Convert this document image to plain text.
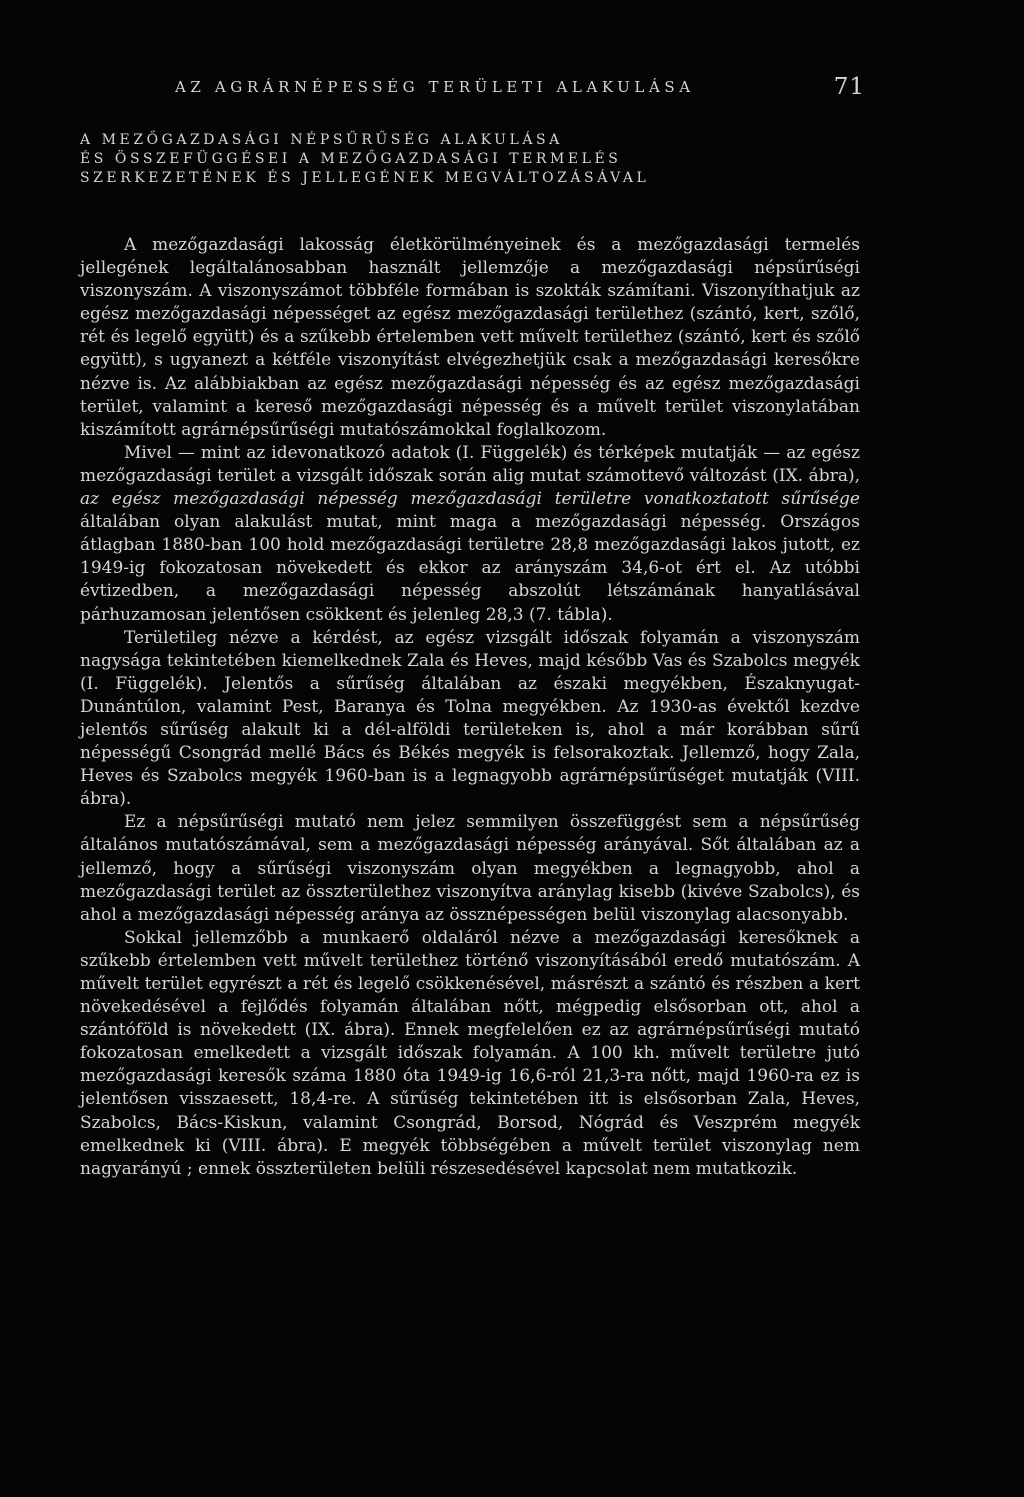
AZ AGRÁRNÉPESSÉG TERÜLETI ALAKULÁSA	71
A MEZŐGAZDASÁGI NÉPSŰRŰSÉG ALAKULÁSA
ÉS ÖSSZEFÜGGÉSEI A MEZŐGAZDASÁGI TERMELÉS
SZERKEZETÉNEK ÉS JELLEGÉNEK MEGVÁLTOZÁSÁVAL

A mezőgazdasági lakosság életkörülményeinek és a mezőgazdasági termelés jellegének legáltalánosabban használt jellemzője a mezőgazdasági népsűrűségi viszonyszám. A viszonyszámot többféle formában is szokták számítani. Viszonyíthatjuk az egész mezőgazdasági népességet az egész mezőgazdasági területhez (szántó, kert, szőlő, rét és legelő együtt) és a szűkebb értelemben vett művelt területhez (szántó, kert és szőlő együtt), s ugyanezt a kétféle viszonyítást elvégezhetjük csak a mezőgazdasági keresőkre nézve is. Az alábbiakban az egész mezőgazdasági népesség és az egész mezőgazdasági terület, valamint a kereső mezőgazdasági népesség és a művelt terület viszonylatában kiszámított agrárnépsűrűségi mutatószámokkal foglalkozom.

Mivel — mint az idevonatkozó adatok (I. Függelék) és térképek mutatják — az egész mezőgazdasági terület a vizsgált időszak során alig mutat számottevő változást (IX. ábra), az egész mezőgazdasági népesség mezőgazdasági területre vonatkoztatott sűrűsége általában olyan alakulást mutat, mint maga a mezőgazdasági népesség. Országos átlagban 1880-ban 100 hold mezőgazdasági területre 28,8 mezőgazdasági lakos jutott, ez 1949-ig fokozatosan növekedett és ekkor az arányszám 34,6-ot ért el. Az utóbbi évtizedben, a mezőgazdasági népesség abszolút létszámának hanyatlásával párhuzamosan jelentősen csökkent és jelenleg 28,3 (7. tábla).

Területileg nézve a kérdést, az egész vizsgált időszak folyamán a viszonyszám nagysága tekintetében kiemelkednek Zala és Heves, majd később Vas és Szabolcs megyék (I. Függelék). Jelentős a sűrűség általában az északi megyékben, Északnyugat-Dunántúlon, valamint Pest, Baranya és Tolna megyékben. Az 1930-as évektől kezdve jelentős sűrűség alakult ki a dél-alföldi területeken is, ahol a már korábban sűrű népességű Csongrád mellé Bács és Békés megyék is felsorakoztak. Jellemző, hogy Zala, Heves és Szabolcs megyék 1960-ban is a legnagyobb agrárnépsűrűséget mutatják (VIII. ábra).

Ez a népsűrűségi mutató nem jelez semmilyen összefüggést sem a népsűrűség általános mutatószámával, sem a mezőgazdasági népesség arányával. Sőt általában az a jellemző, hogy a sűrűségi viszonyszám olyan megyékben a legnagyobb, ahol a mezőgazdasági terület az összterülethez viszonyítva aránylag kisebb (kivéve Szabolcs), és ahol a mezőgazdasági népesség aránya az össznépességen belül viszonylag alacsonyabb.

Sokkal jellemzőbb a munkaerő oldaláról nézve a mezőgazdasági keresőknek a szűkebb értelemben vett művelt területhez történő viszonyításából eredő mutatószám. A művelt terület egyrészt a rét és legelő csökkenésével, másrészt a szántó és részben a kert növekedésével a fejlődés folyamán általában nőtt, mégpedig elsősorban ott, ahol a szántóföld is növekedett (IX. ábra). Ennek megfelelően ez az agrárnépsűrűségi mutató fokozatosan emelkedett a vizsgált időszak folyamán. A 100 kh. művelt területre jutó mezőgazdasági keresők száma 1880 óta 1949-ig 16,6-ról 21,3-ra nőtt, majd 1960-ra ez is jelentősen visszaesett, 18,4-re. A sűrűség tekintetében itt is elsősorban Zala, Heves, Szabolcs, Bács-Kiskun, valamint Csongrád, Borsod, Nógrád és Veszprém megyék emelkednek ki (VIII. ábra). E megyék többségében a művelt terület viszonylag nem nagyarányú ; ennek összterületen belüli részesedésével kapcsolat nem mutatkozik.
